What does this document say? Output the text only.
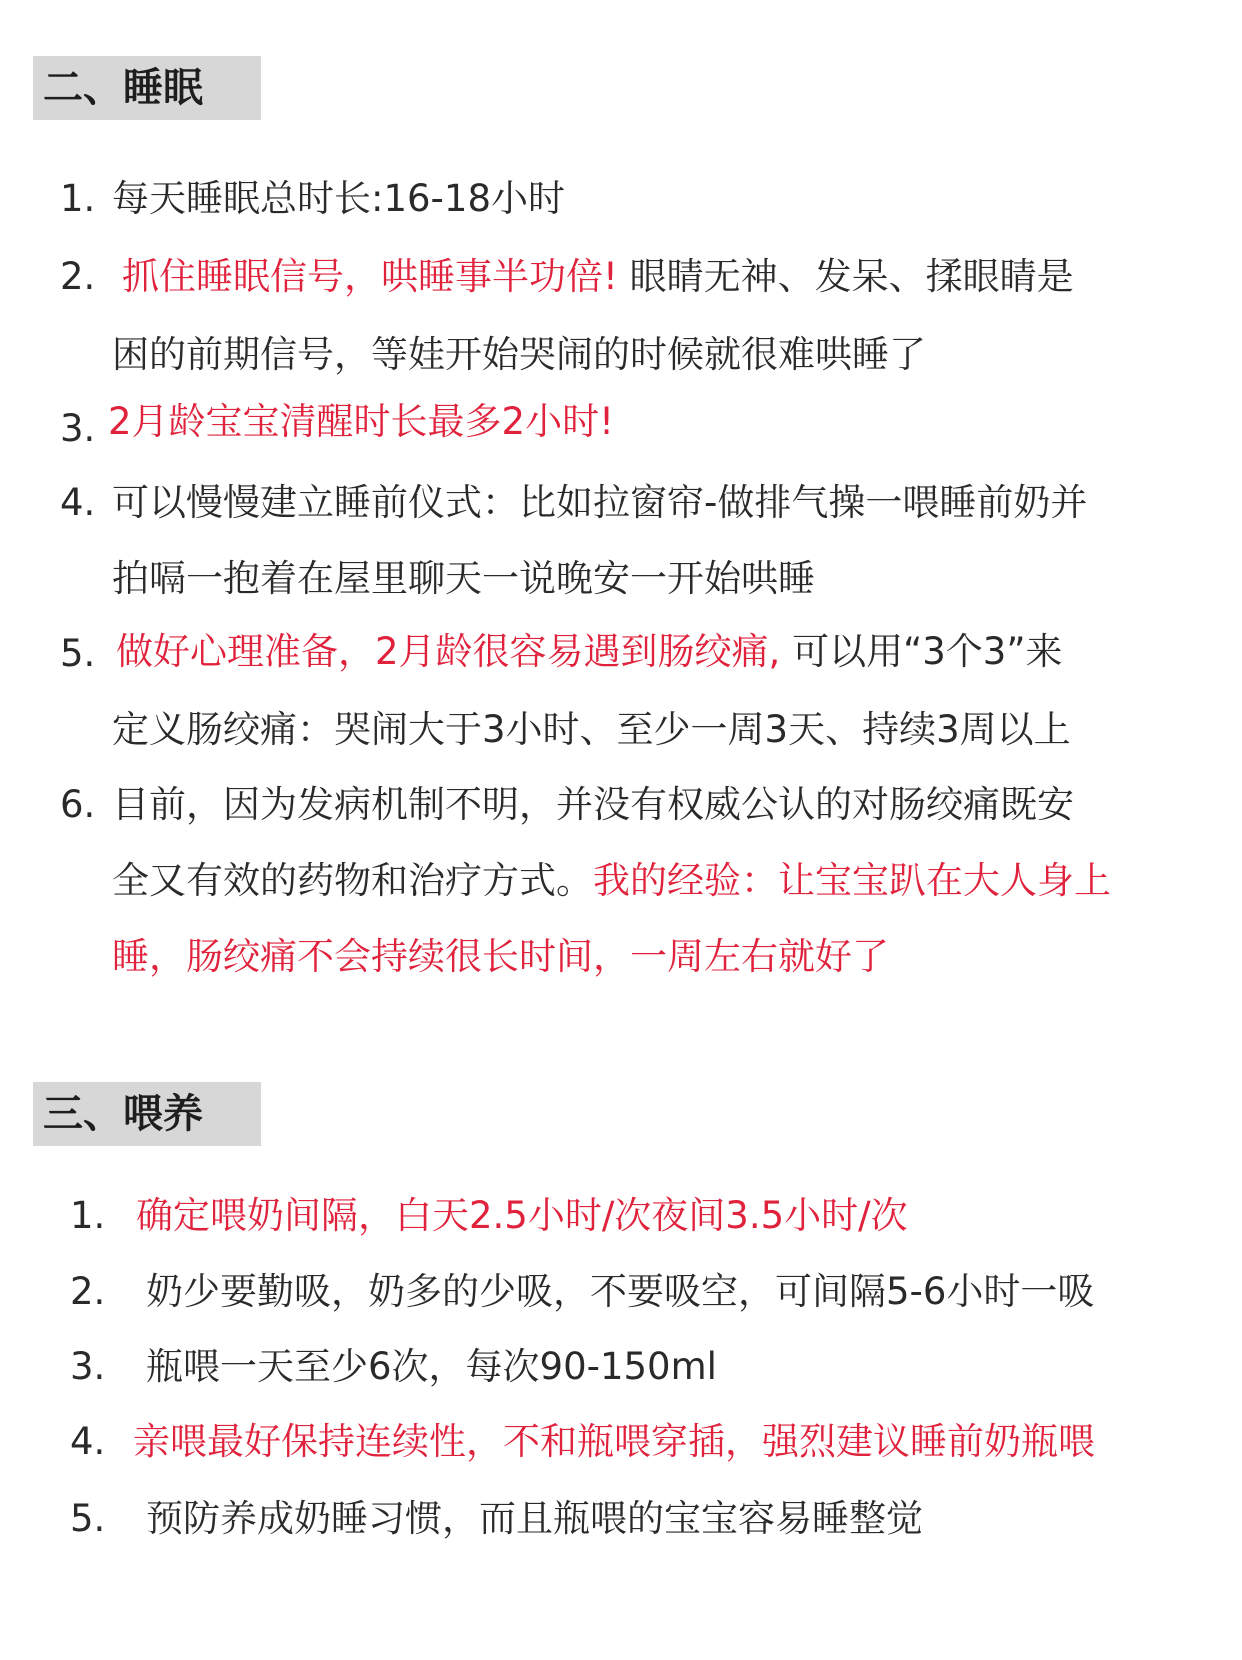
二、睡眠
1. 每天睡眠总时长:16-18小时
2. 抓住睡眠信号，哄睡事半功倍! 眼睛无神、发呆、揉眼睛是
困的前期信号，等娃开始哭闹的时候就很难哄睡了
3. 2月龄宝宝清醒时长最多2小时!
4. 可以慢慢建立睡前仪式：比如拉窗帘-做排气操一喂睡前奶并
拍嗝一抱着在屋里聊天一说晚安一开始哄睡
5. 做好心理准备，2月龄很容易遇到肠绞痛, 可以用“3个3”来
定义肠绞痛：哭闹大于3小时、至少一周3天、持续3周以上
6. 目前，因为发病机制不明，并没有权威公认的对肠绞痛既安
全又有效的药物和治疗方式。我的经验：让宝宝趴在大人身上
睡，肠绞痛不会持续很长时间，一周左右就好了
三、喂养
1. 确定喂奶间隔，白天2.5小时/次夜间3.5小时/次
2. 奶少要勤吸，奶多的少吸，不要吸空，可间隔5-6小时一吸
3. 瓶喂一天至少6次，每次90-150ml
4. 亲喂最好保持连续性，不和瓶喂穿插，强烈建议睡前奶瓶喂
5. 预防养成奶睡习惯，而且瓶喂的宝宝容易睡整觉
